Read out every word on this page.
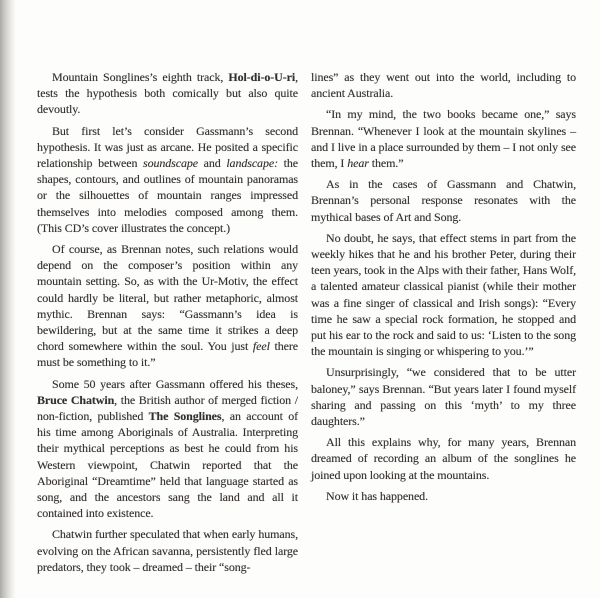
Mountain Songlines’s eighth track, Hol-di-o-U-ri, tests the hypothesis both comically but also quite devoutly.

But first let’s consider Gassmann’s second hypothesis. It was just as arcane. He posited a specific relationship between soundscape and landscape: the shapes, contours, and outlines of mountain panoramas or the silhouettes of mountain ranges impressed themselves into melodies composed among them. (This CD’s cover illustrates the concept.)

Of course, as Brennan notes, such relations would depend on the composer’s position within any mountain setting. So, as with the Ur-Motiv, the effect could hardly be literal, but rather metaphoric, almost mythic. Brennan says: “Gassmann’s idea is bewildering, but at the same time it strikes a deep chord somewhere within the soul. You just feel there must be something to it.”

Some 50 years after Gassmann offered his theses, Bruce Chatwin, the British author of merged fiction / non-fiction, published The Songlines, an account of his time among Aboriginals of Australia. Interpreting their mythical perceptions as best he could from his Western viewpoint, Chatwin reported that the Aboriginal “Dreamtime” held that language started as song, and the ancestors sang the land and all it contained into existence.

Chatwin further speculated that when early humans, evolving on the African savanna, persistently fled large predators, they took – dreamed – their “song-

lines” as they went out into the world, including to ancient Australia.

“In my mind, the two books became one,” says Brennan. “Whenever I look at the mountain skylines – and I live in a place surrounded by them – I not only see them, I hear them.”

As in the cases of Gassmann and Chatwin, Brennan’s personal response resonates with the mythical bases of Art and Song.

No doubt, he says, that effect stems in part from the weekly hikes that he and his brother Peter, during their teen years, took in the Alps with their father, Hans Wolf, a talented amateur classical pianist (while their mother was a fine singer of classical and Irish songs): “Every time he saw a special rock formation, he stopped and put his ear to the rock and said to us: ‘Listen to the song the mountain is singing or whispering to you.’”

Unsurprisingly, “we considered that to be utter baloney,” says Brennan. “But years later I found myself sharing and passing on this ‘myth’ to my three daughters.”

All this explains why, for many years, Brennan dreamed of recording an album of the songlines he joined upon looking at the mountains.

Now it has happened.
